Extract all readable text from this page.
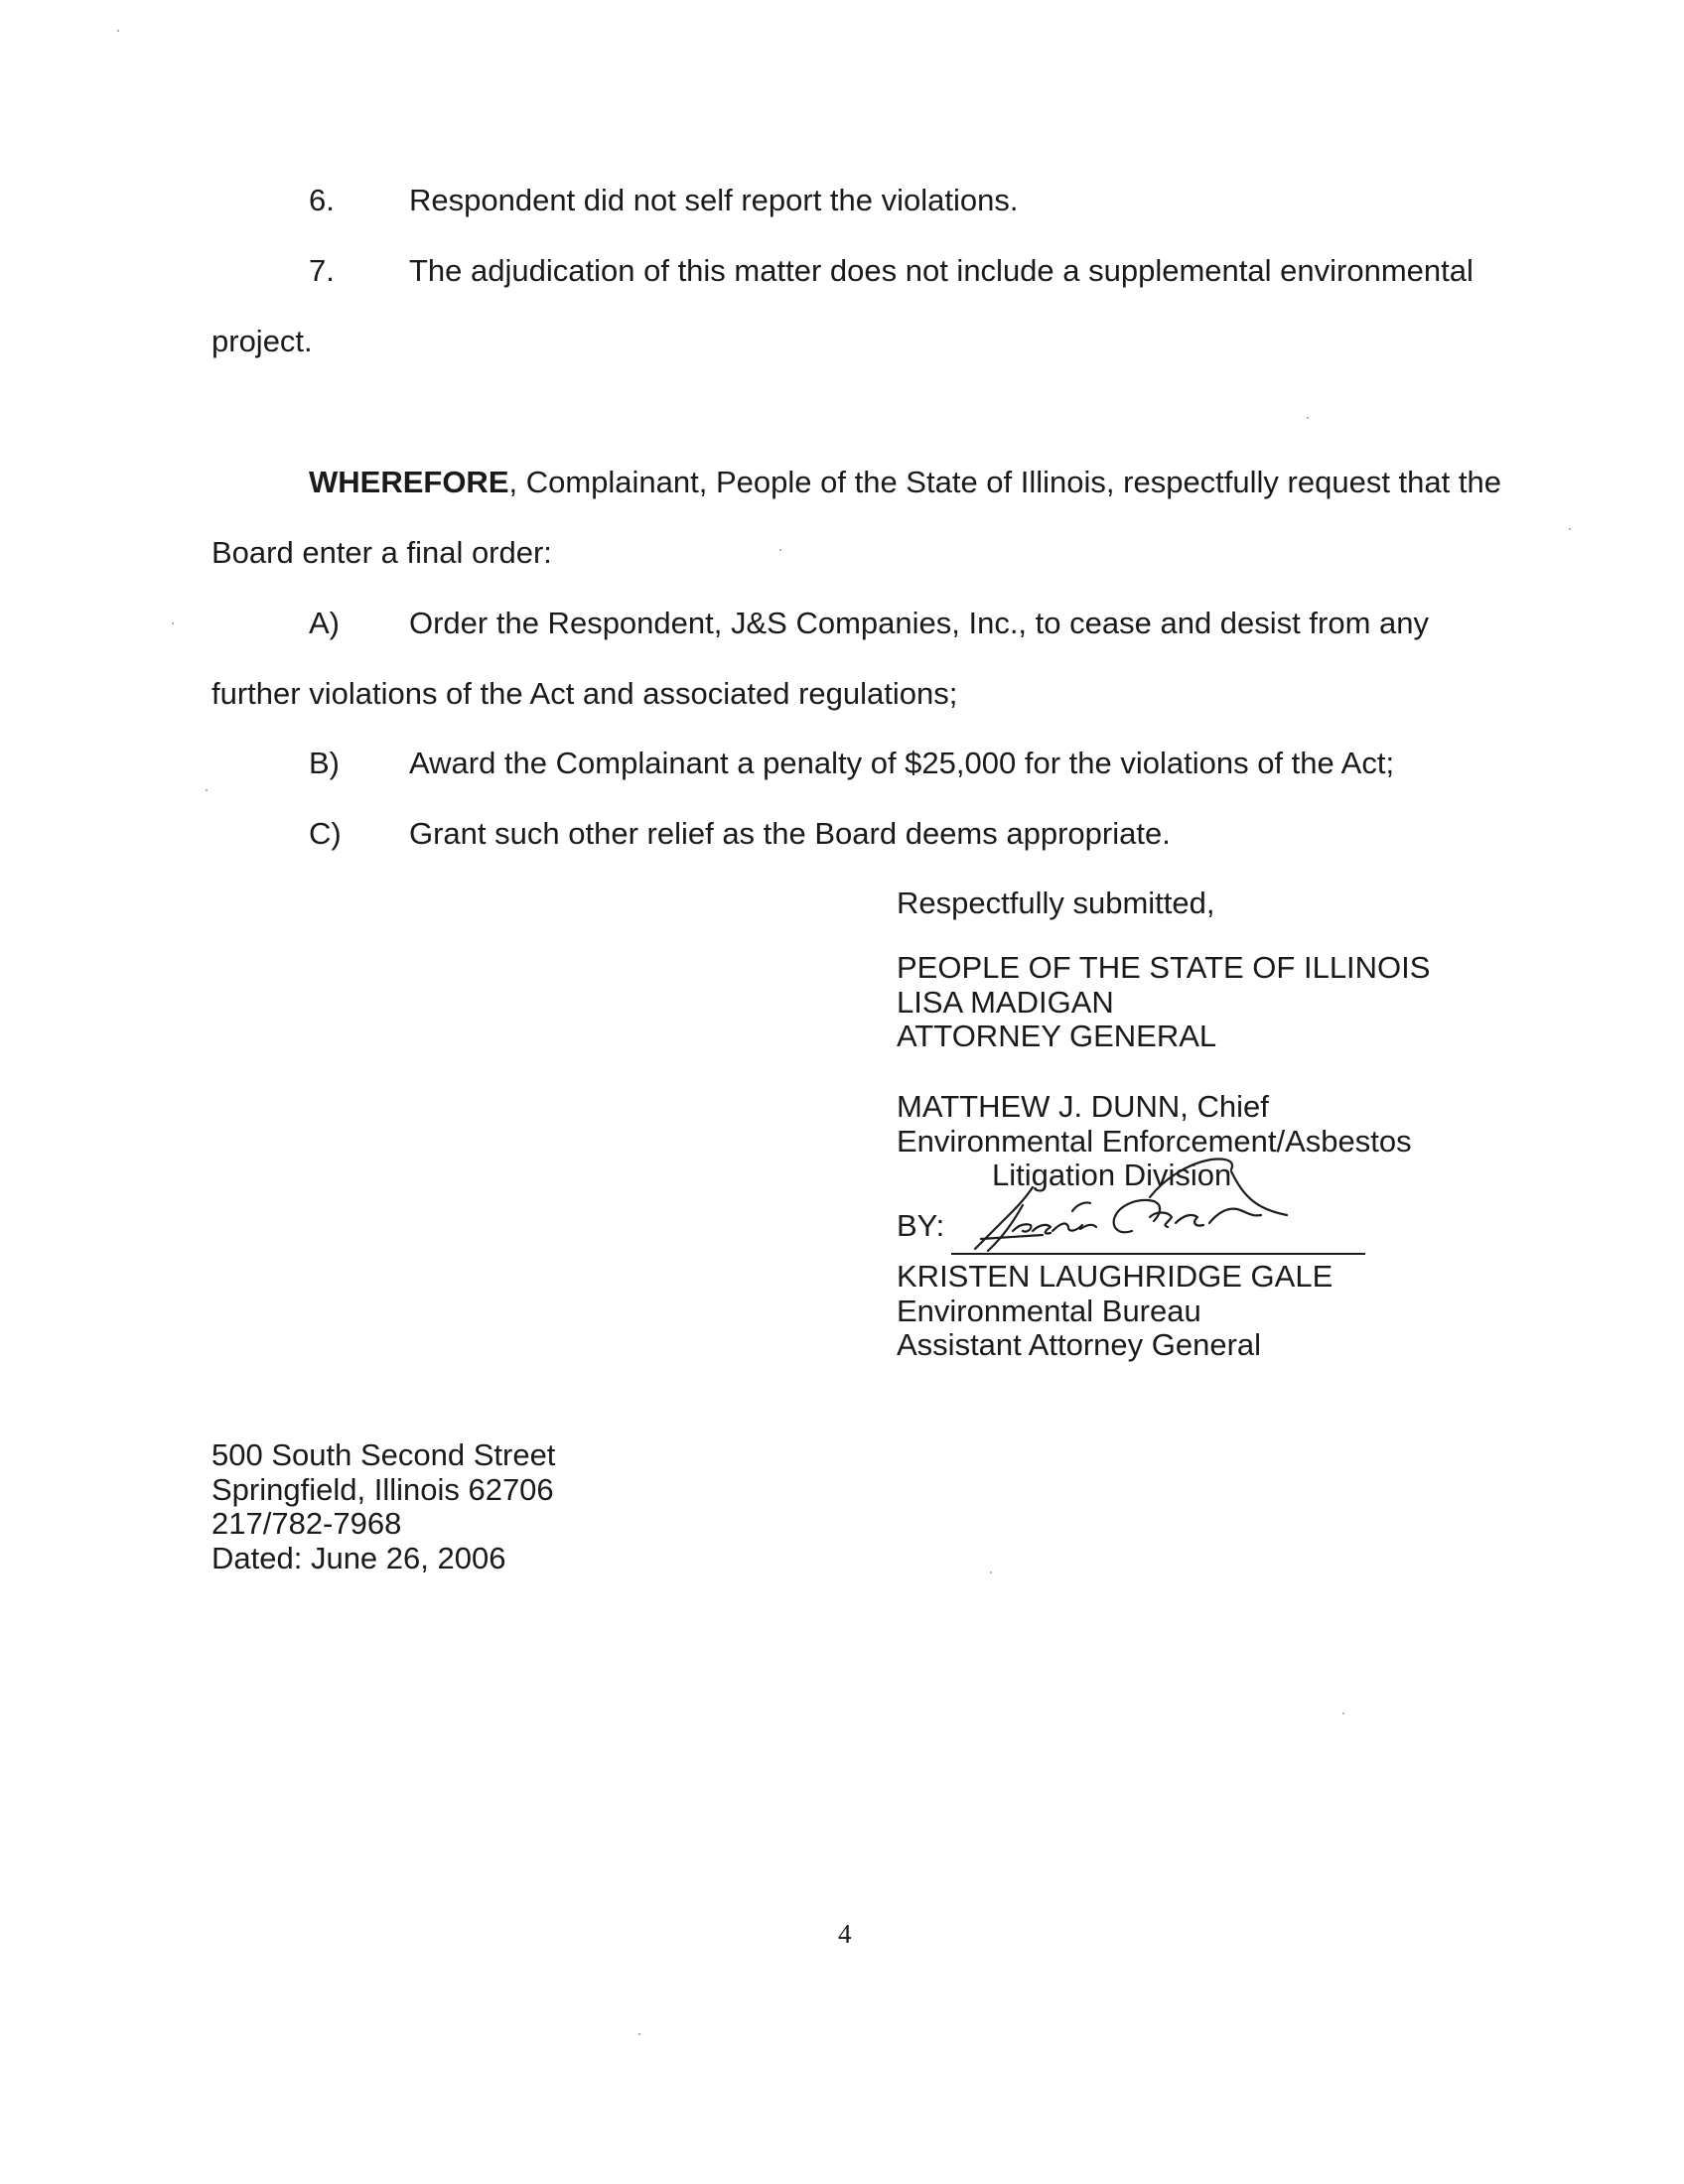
6.	Respondent did not self report the violations.
7.	The adjudication of this matter does not include a supplemental environmental
project.
WHEREFORE, Complainant, People of the State of Illinois, respectfully request that the
Board enter a final order:
A)	Order the Respondent, J&S Companies, Inc., to cease and desist from any
further violations of the Act and associated regulations;
B)	Award the Complainant a penalty of $25,000 for the violations of the Act;
C)	Grant such other relief as the Board deems appropriate.
Respectfully submitted,
PEOPLE OF THE STATE OF ILLINOIS
LISA MADIGAN
ATTORNEY GENERAL
MATTHEW J. DUNN, Chief
Environmental Enforcement/Asbestos
Litigation Division
BY:
KRISTEN LAUGHRIDGE GALE
Environmental Bureau
Assistant Attorney General
500 South Second Street
Springfield, Illinois 62706
217/782-7968
Dated: June 26, 2006
4
